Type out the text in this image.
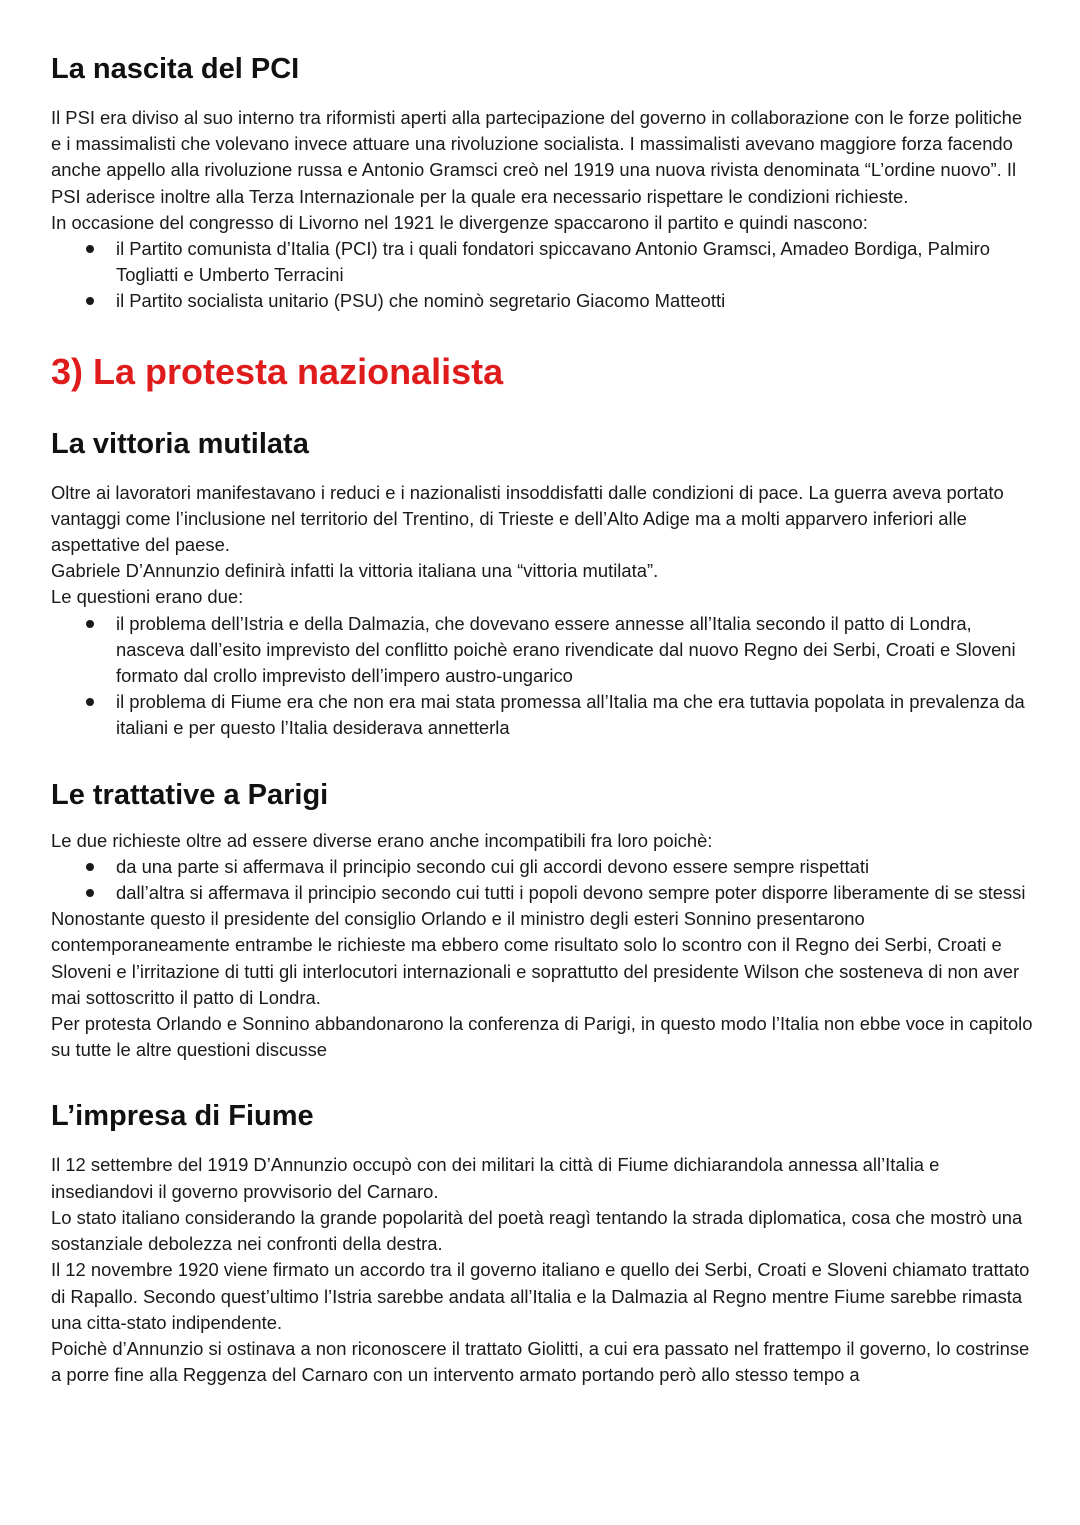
La nascita del PCI

Il PSI era diviso al suo interno tra riformisti aperti alla partecipazione del governo in collaborazione con le forze politiche e i massimalisti che volevano invece attuare una rivoluzione socialista. I massimalisti avevano maggiore forza facendo anche appello alla rivoluzione russa e Antonio Gramsci creò nel 1919 una nuova rivista denominata “L’ordine nuovo”. Il PSI aderisce inoltre alla Terza Internazionale per la quale era necessario rispettare le condizioni richieste.

In occasione del congresso di Livorno nel 1921 le divergenze spaccarono il partito e quindi nascono:

il Partito comunista d’Italia (PCI) tra i quali fondatori spiccavano Antonio Gramsci, Amadeo Bordiga, Palmiro Togliatti e Umberto Terracini
il Partito socialista unitario (PSU) che nominò segretario Giacomo Matteotti
3) La protesta nazionalista
La vittoria mutilata

Oltre ai lavoratori manifestavano i reduci e i nazionalisti insoddisfatti dalle condizioni di pace. La guerra aveva portato vantaggi come l’inclusione nel territorio del Trentino, di Trieste e dell’Alto Adige ma a molti apparvero inferiori alle aspettative del paese.

Gabriele D’Annunzio definirà infatti la vittoria italiana una “vittoria mutilata”.

Le questioni erano due:

il problema dell’Istria e della Dalmazia, che dovevano essere annesse all’Italia secondo il patto di Londra, nasceva dall’esito imprevisto del conflitto poichè erano rivendicate dal nuovo Regno dei Serbi, Croati e Sloveni formato dal crollo imprevisto dell’impero austro-ungarico
il problema di Fiume era che non era mai stata promessa all’Italia ma che era tuttavia popolata in prevalenza da italiani e per questo l’Italia desiderava annetterla
Le trattative a Parigi

Le due richieste oltre ad essere diverse erano anche incompatibili fra loro poichè:

da una parte si affermava il principio secondo cui gli accordi devono essere sempre rispettati
dall’altra si affermava il principio secondo cui tutti i popoli devono sempre poter disporre liberamente di se stessi

Nonostante questo il presidente del consiglio Orlando e il ministro degli esteri Sonnino presentarono contemporaneamente entrambe le richieste ma ebbero come risultato solo lo scontro con il Regno dei Serbi, Croati e Sloveni e l’irritazione di tutti gli interlocutori internazionali e soprattutto del presidente Wilson che sosteneva di non aver mai sottoscritto il patto di Londra.

Per protesta Orlando e Sonnino abbandonarono la conferenza di Parigi, in questo modo l’Italia non ebbe voce in capitolo su tutte le altre questioni discusse

L’impresa di Fiume

Il 12 settembre del 1919 D’Annunzio occupò con dei militari la città di Fiume dichiarandola annessa all’Italia e insediandovi il governo provvisorio del Carnaro.

Lo stato italiano considerando la grande popolarità del poetà reagì tentando la strada diplomatica, cosa che mostrò una sostanziale debolezza nei confronti della destra.

Il 12 novembre 1920 viene firmato un accordo tra il governo italiano e quello dei Serbi, Croati e Sloveni chiamato trattato di Rapallo. Secondo quest’ultimo l’Istria sarebbe andata all’Italia e la Dalmazia al Regno mentre Fiume sarebbe rimasta una citta-stato indipendente.

Poichè d’Annunzio si ostinava a non riconoscere il trattato Giolitti, a cui era passato nel frattempo il governo, lo costrinse a porre fine alla Reggenza del Carnaro con un intervento armato portando però allo stesso tempo a
